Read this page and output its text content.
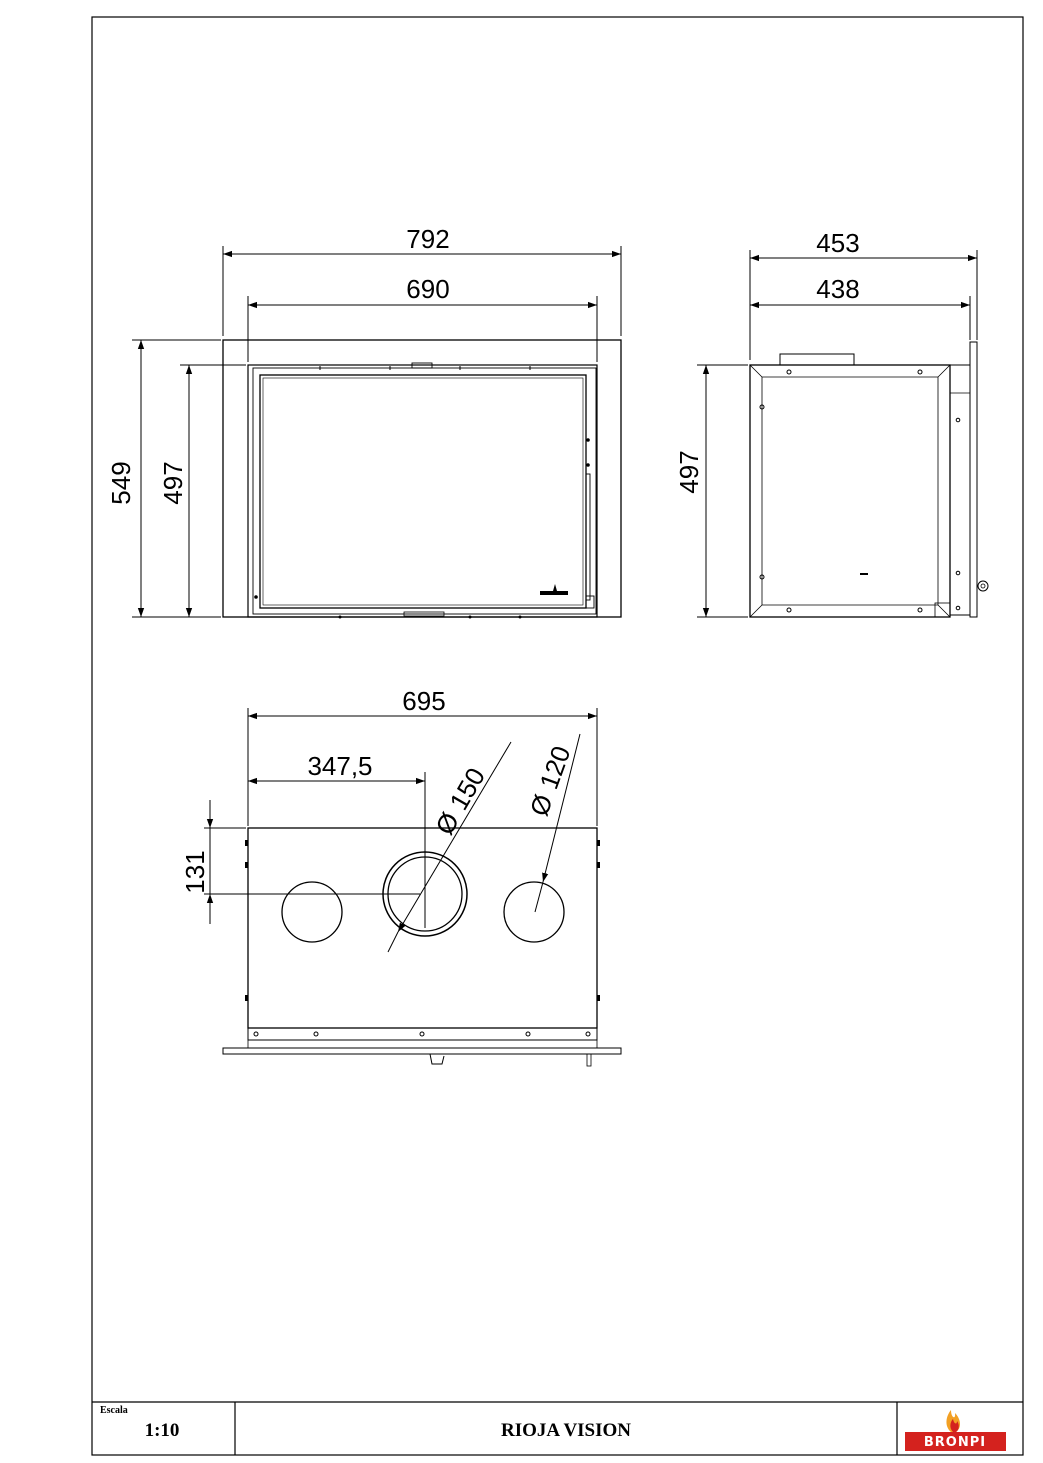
792
690
549 497
453
438
497
695
347,5
131
Ø
150 Ø
120
Escala
1:10	RIOJA VISION
BRONPI
